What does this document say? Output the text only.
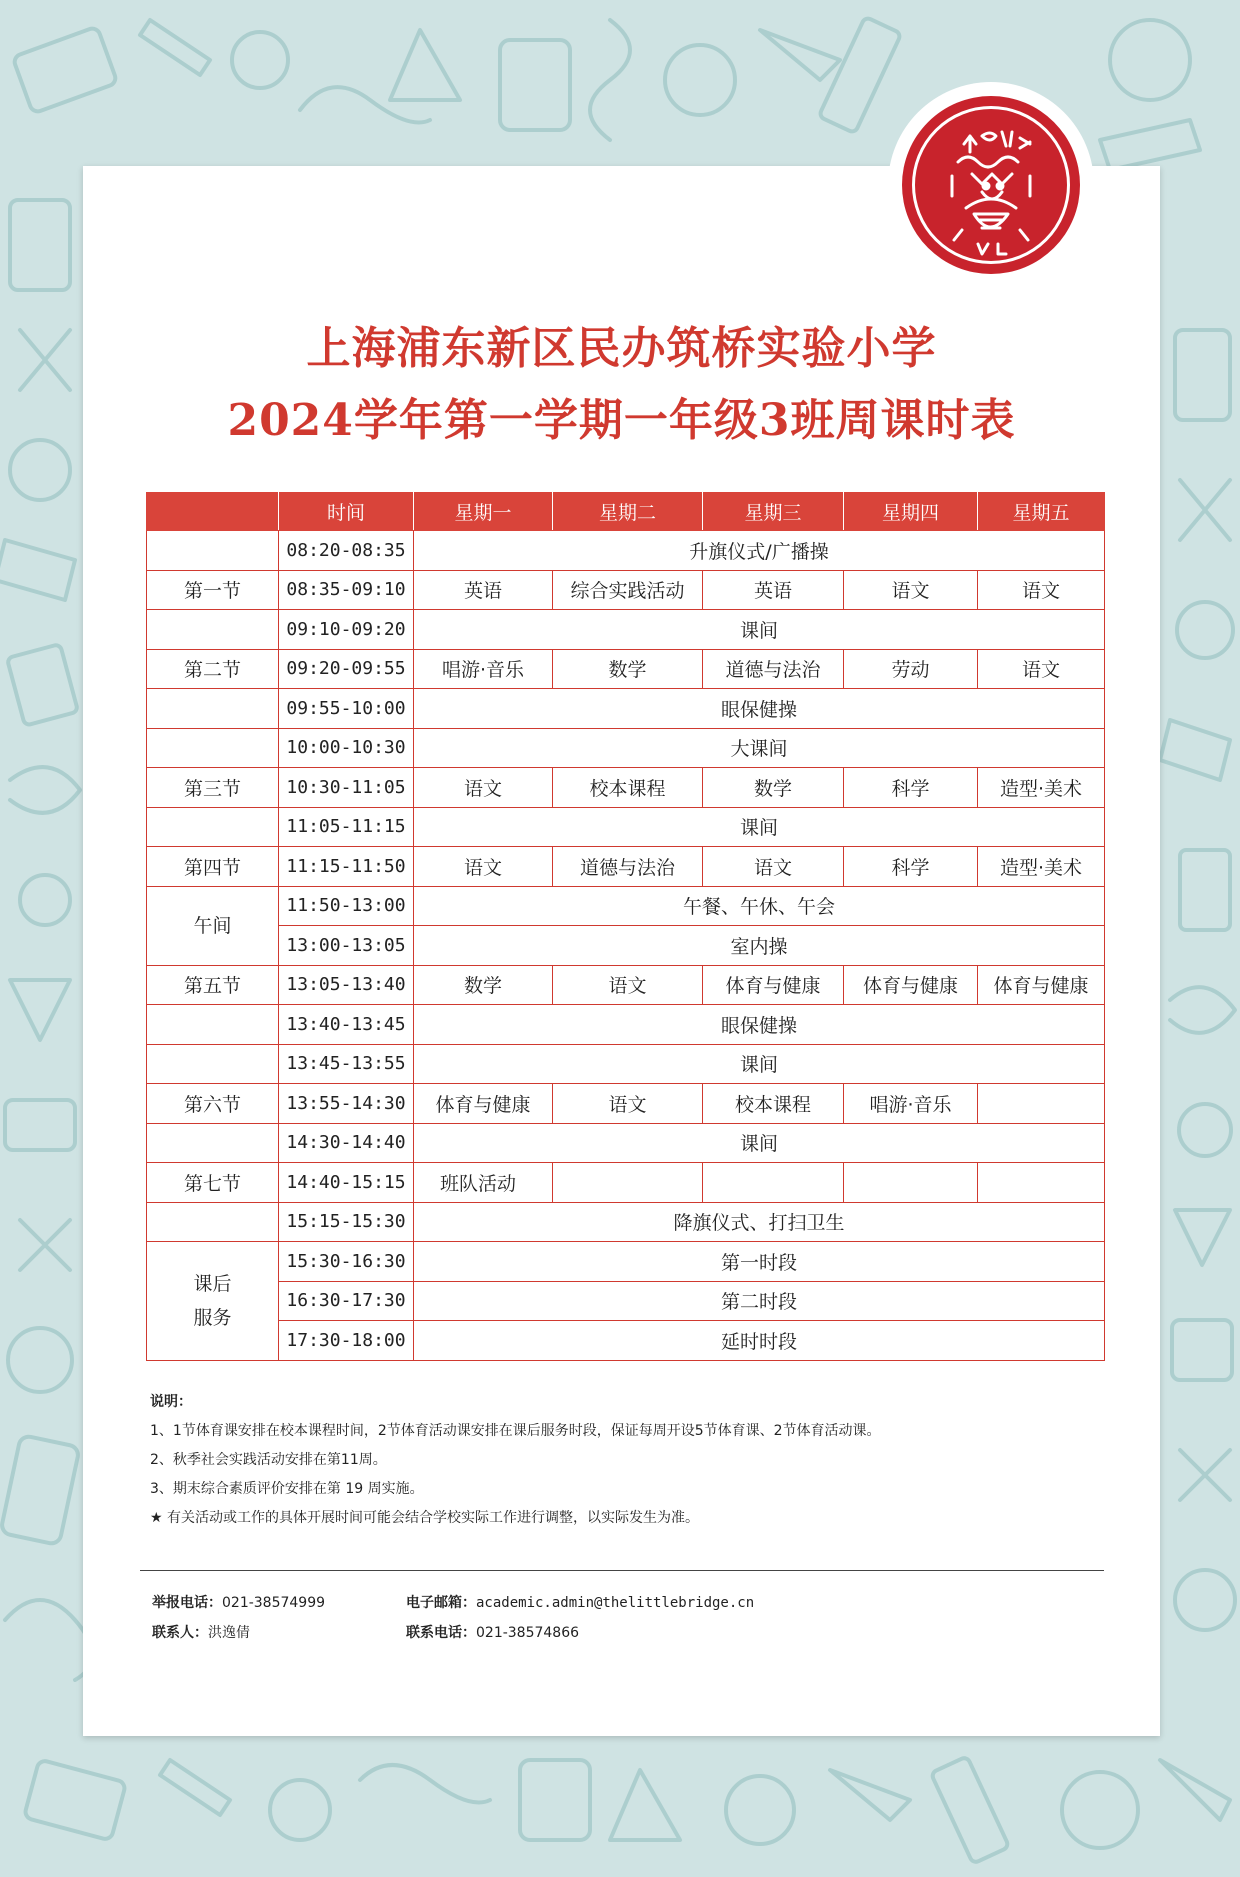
上海浦东新区民办筑桥实验小学
2024学年第一学期一年级3班周课时表
	时间	星期一	星期二	星期三	星期四	星期五
	08:20-08:35	升旗仪式/广播操				
第一节	08:35-09:10	英语	综合实践活动	英语	语文	语文
	09:10-09:20	课间				
第二节	09:20-09:55	唱游·音乐	数学	道德与法治	劳动	语文
	09:55-10:00	眼保健操				
	10:00-10:30	大课间				
第三节	10:30-11:05	语文	校本课程	数学	科学	造型·美术
	11:05-11:15	课间				
第四节	11:15-11:50	语文	道德与法治	语文	科学	造型·美术
午间	11:50-13:00	午餐、午休、午会				
	13:00-13:05	室内操				
第五节	13:05-13:40	数学	语文	体育与健康	体育与健康	体育与健康
	13:40-13:45	眼保健操				
	13:45-13:55	课间				
第六节	13:55-14:30	体育与健康	语文	校本课程	唱游·音乐	
	14:30-14:40	课间				
第七节	14:40-15:15	班队活动				
	15:15-15:30	降旗仪式、打扫卫生				
课后
服务	15:30-16:30	第一时段				
	16:30-17:30	第二时段				
	17:30-18:00	延时时段				
说明：
1、1节体育课安排在校本课程时间，2节体育活动课安排在课后服务时段，保证每周开设5节体育课、2节体育活动课。
2、秋季社会实践活动安排在第11周。
3、期末综合素质评价安排在第 19 周实施。
★ 有关活动或工作的具体开展时间可能会结合学校实际工作进行调整，以实际发生为准。
举报电话：021-38574999	电子邮箱：academic.admin@thelittlebridge.cn
联系人：洪逸倩	联系电话：021-38574866
